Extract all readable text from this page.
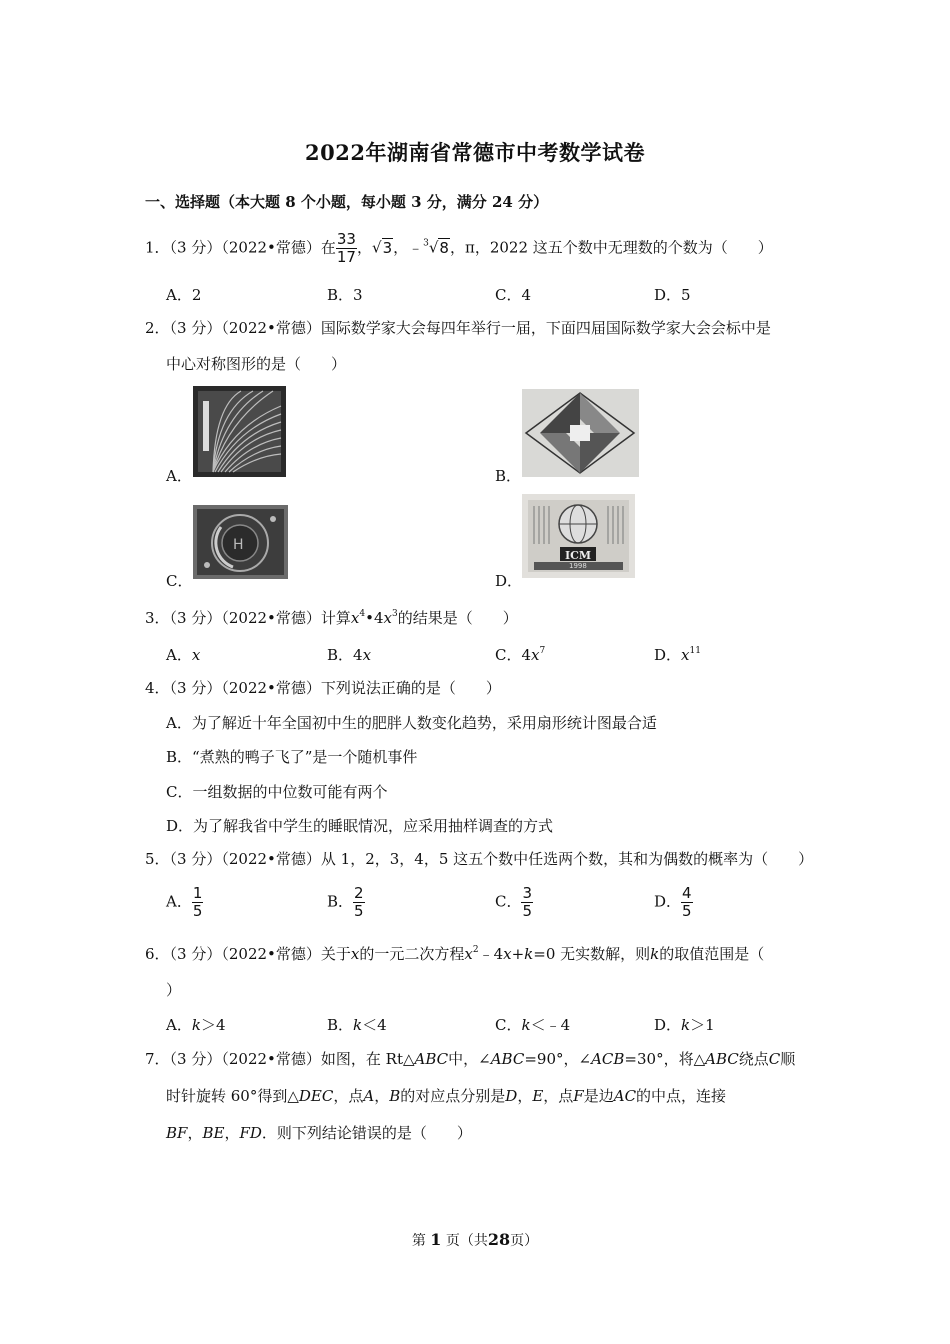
2022年湖南省常德市中考数学试卷
一、选择题（本大题 8 个小题，每小题 3 分，满分 24 分）
1．（3 分）（2022•常德）在 $\frac{33}{17}$ ，√3，﹣$^3$√8，π，2022 这五个数中无理数的个数为（　　）
A．2	B．3	C．4	D．5
2．（3 分）（2022•常德）国际数学家大会每四年举行一届，下面四届国际数学家大会会标中是
中心对称图形的是（　　）
A．	B．
C．
H
D．
ICM
1998
3．（3 分）（2022•常德）计算$x^4•4x^3$的结果是（　　）
A．x	B．4x	C．$4x^7$	D．$x^{11}$
4．（3 分）（2022•常德）下列说法正确的是（　　）
A．为了解近十年全国初中生的肥胖人数变化趋势，采用扇形统计图最合适
B．“煮熟的鸭子飞了”是一个随机事件
C．一组数据的中位数可能有两个
D．为了解我省中学生的睡眠情况，应采用抽样调查的方式
5．（3 分）（2022•常德）从 1，2，3，4，5 这五个数中任选两个数，其和为偶数的概率为（　　）
A． $\frac{1}{5}$	B． $\frac{2}{5}$	C． $\frac{3}{5}$	D． $\frac{4}{5}$
6．（3 分）（2022•常德）关于x的一元二次方程$x^2﹣4x+k=0$ 无实数解，则k的取值范围是（
）
A．k＞4	B．k＜4	C．k＜﹣4	D．k＞1
7．（3 分）（2022•常德）如图，在 Rt△ABC中，∠ABC=90°，∠ACB=30°，将△ABC绕点C顺
时针旋转 60°得到△DEC，点A，B的对应点分别是D，E，点F是边AC的中点，连接
BF，BE，FD．则下列结论错误的是（　　）
第 1 页（共28页）
